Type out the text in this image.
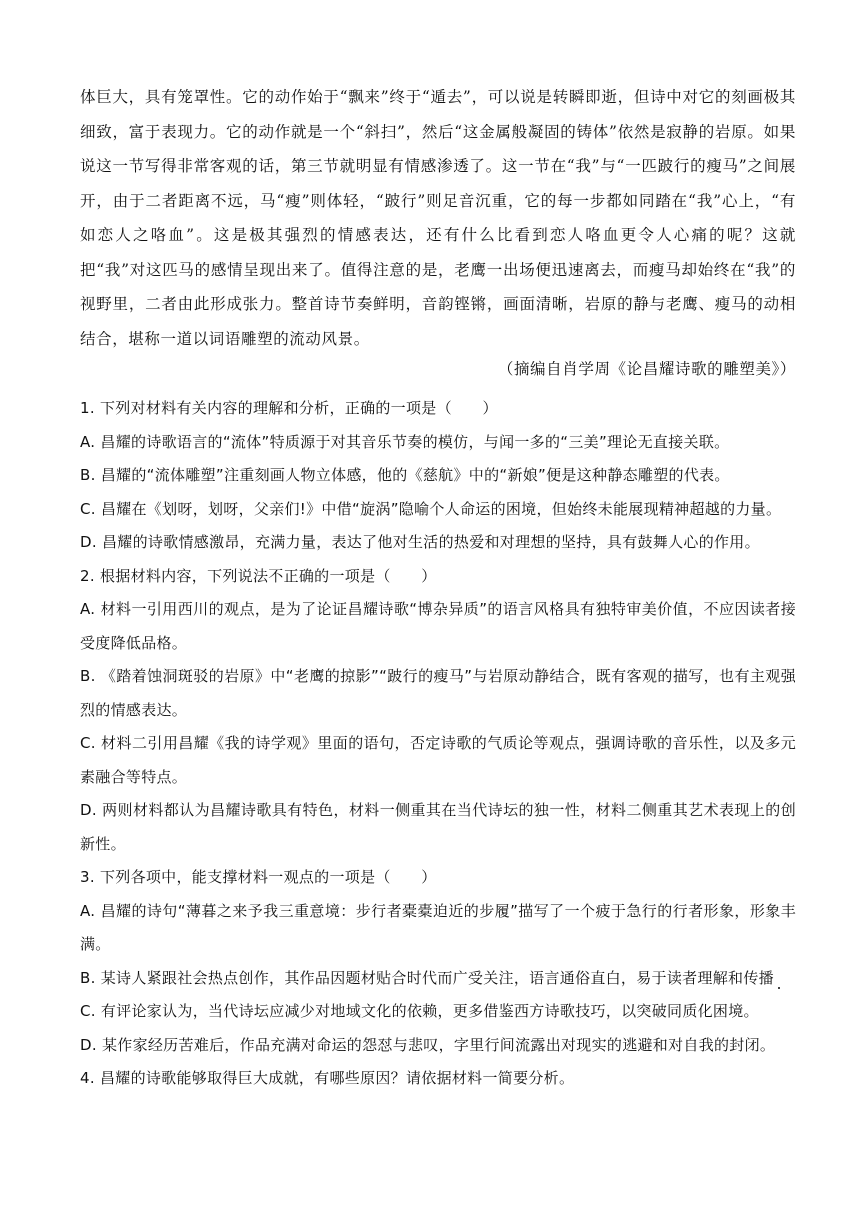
体巨大，具有笼罩性。它的动作始于“飘来”终于“遁去”，可以说是转瞬即逝，但诗中对它的刻画极其细致，富于表现力。它的动作就是一个“斜扫”，然后“这金属般凝固的铸体”依然是寂静的岩原。如果说这一节写得非常客观的话，第三节就明显有情感渗透了。这一节在“我”与“一匹跛行的瘦马”之间展开，由于二者距离不远，马“瘦”则体轻，“跛行”则足音沉重，它的每一步都如同踏在“我”心上，“有如恋人之咯血”。这是极其强烈的情感表达，还有什么比看到恋人咯血更令人心痛的呢？这就把“我”对这匹马的感情呈现出来了。值得注意的是，老鹰一出场便迅速离去，而瘦马却始终在“我”的视野里，二者由此形成张力。整首诗节奏鲜明，音韵铿锵，画面清晰，岩原的静与老鹰、瘦马的动相结合，堪称一道以词语雕塑的流动风景。

（摘编自肖学周《论昌耀诗歌的雕塑美》）

1. 下列对材料有关内容的理解和分析，正确的一项是（　　）

A. 昌耀的诗歌语言的“流体”特质源于对其音乐节奏的模仿，与闻一多的“三美”理论无直接关联。

B. 昌耀的“流体雕塑”注重刻画人物立体感，他的《慈航》中的“新娘”便是这种静态雕塑的代表。

C. 昌耀在《划呀，划呀，父亲们!》中借“旋涡”隐喻个人命运的困境，但始终未能展现精神超越的力量。

D. 昌耀的诗歌情感激昂，充满力量，表达了他对生活的热爱和对理想的坚持，具有鼓舞人心的作用。

2. 根据材料内容，下列说法不正确的一项是（　　）

A. 材料一引用西川的观点，是为了论证昌耀诗歌“博杂异质”的语言风格具有独特审美价值，不应因读者接受度降低品格。

B. 《踏着蚀洞斑驳的岩原》中“老鹰的掠影”“跛行的瘦马”与岩原动静结合，既有客观的描写，也有主观强烈的情感表达。

C. 材料二引用昌耀《我的诗学观》里面的语句，否定诗歌的气质论等观点，强调诗歌的音乐性，以及多元素融合等特点。

D. 两则材料都认为昌耀诗歌具有特色，材料一侧重其在当代诗坛的独一性，材料二侧重其艺术表现上的创新性。

3. 下列各项中，能支撑材料一观点的一项是（　　）

A. 昌耀的诗句“薄暮之来予我三重意境：步行者橐橐迫近的步履”描写了一个疲于急行的行者形象，形象丰满。

B. 某诗人紧跟社会热点创作，其作品因题材贴合时代而广受关注，语言通俗直白，易于读者理解和传播

C. 有评论家认为，当代诗坛应减少对地域文化的依赖，更多借鉴西方诗歌技巧，以突破同质化困境。

D. 某作家经历苦难后，作品充满对命运的怨怼与悲叹，字里行间流露出对现实的逃避和对自我的封闭。

4. 昌耀的诗歌能够取得巨大成就，有哪些原因？请依据材料一简要分析。
